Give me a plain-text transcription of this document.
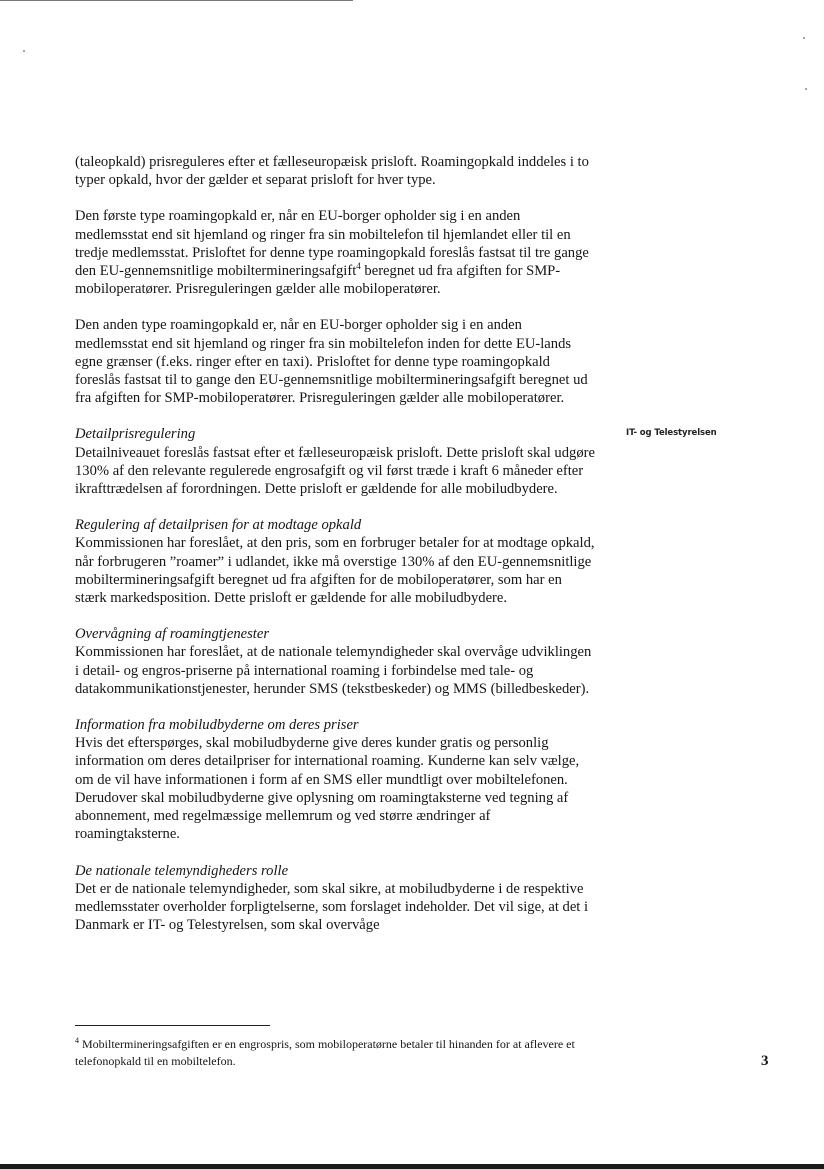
(taleopkald) prisreguleres efter et fælleseuropæisk prisloft. Roamingopkald inddeles i to typer opkald, hvor der gælder et separat prisloft for hver type.

Den første type roamingopkald er, når en EU-borger opholder sig i en anden medlemsstat end sit hjemland og ringer fra sin mobiltelefon til hjemlandet eller til en tredje medlemsstat. Prisloftet for denne type roamingopkald foreslås fastsat til tre gange den EU-gennemsnitlige mobiltermineringsafgift$^4$ beregnet ud fra afgiften for SMP-mobiloperatører. Prisreguleringen gælder alle mobiloperatører.

Den anden type roamingopkald er, når en EU-borger opholder sig i en anden medlemsstat end sit hjemland og ringer fra sin mobiltelefon inden for dette EU-lands egne grænser (f.eks. ringer efter en taxi). Prisloftet for denne type roamingopkald foreslås fastsat til to gange den EU-gennemsnitlige mobiltermineringsafgift beregnet ud fra afgiften for SMP-mobiloperatører. Prisreguleringen gælder alle mobiloperatører.

Detailprisregulering

Detailniveauet foreslås fastsat efter et fælleseuropæisk prisloft. Dette prisloft skal udgøre 130% af den relevante regulerede engrosafgift og vil først træde i kraft 6 måneder efter ikrafttrædelsen af forordningen. Dette prisloft er gældende for alle mobiludbydere.

Regulering af detailprisen for at modtage opkald

Kommissionen har foreslået, at den pris, som en forbruger betaler for at modtage opkald, når forbrugeren ”roamer” i udlandet, ikke må overstige 130% af den EU-gennemsnitlige mobiltermineringsafgift beregnet ud fra afgiften for de mobiloperatører, som har en stærk markedsposition. Dette prisloft er gældende for alle mobiludbydere.

Overvågning af roamingtjenester

Kommissionen har foreslået, at de nationale telemyndigheder skal overvåge udviklingen i detail- og engros-priserne på international roaming i forbindelse med tale- og datakommunikationstjenester, herunder SMS (tekstbeskeder) og MMS (billedbeskeder).

Information fra mobiludbyderne om deres priser

Hvis det efterspørges, skal mobiludbyderne give deres kunder gratis og personlig information om deres detailpriser for international roaming. Kunderne kan selv vælge, om de vil have informationen i form af en SMS eller mundtligt over mobiltelefonen. Derudover skal mobiludbyderne give oplysning om roamingtaksterne ved tegning af abonnement, med regelmæssige mellemrum og ved større ændringer af roamingtaksterne.

De nationale telemyndigheders rolle

Det er de nationale telemyndigheder, som skal sikre, at mobiludbyderne i de respektive medlemsstater overholder forpligtelserne, som forslaget indeholder. Det vil sige, at det i Danmark er IT- og Telestyrelsen, som skal overvåge

IT- og Telestyrelsen
$^4$ Mobiltermineringsafgiften er en engrospris, som mobiloperatørne betaler til hinanden for at aflevere et telefonopkald til en mobiltelefon.	3
